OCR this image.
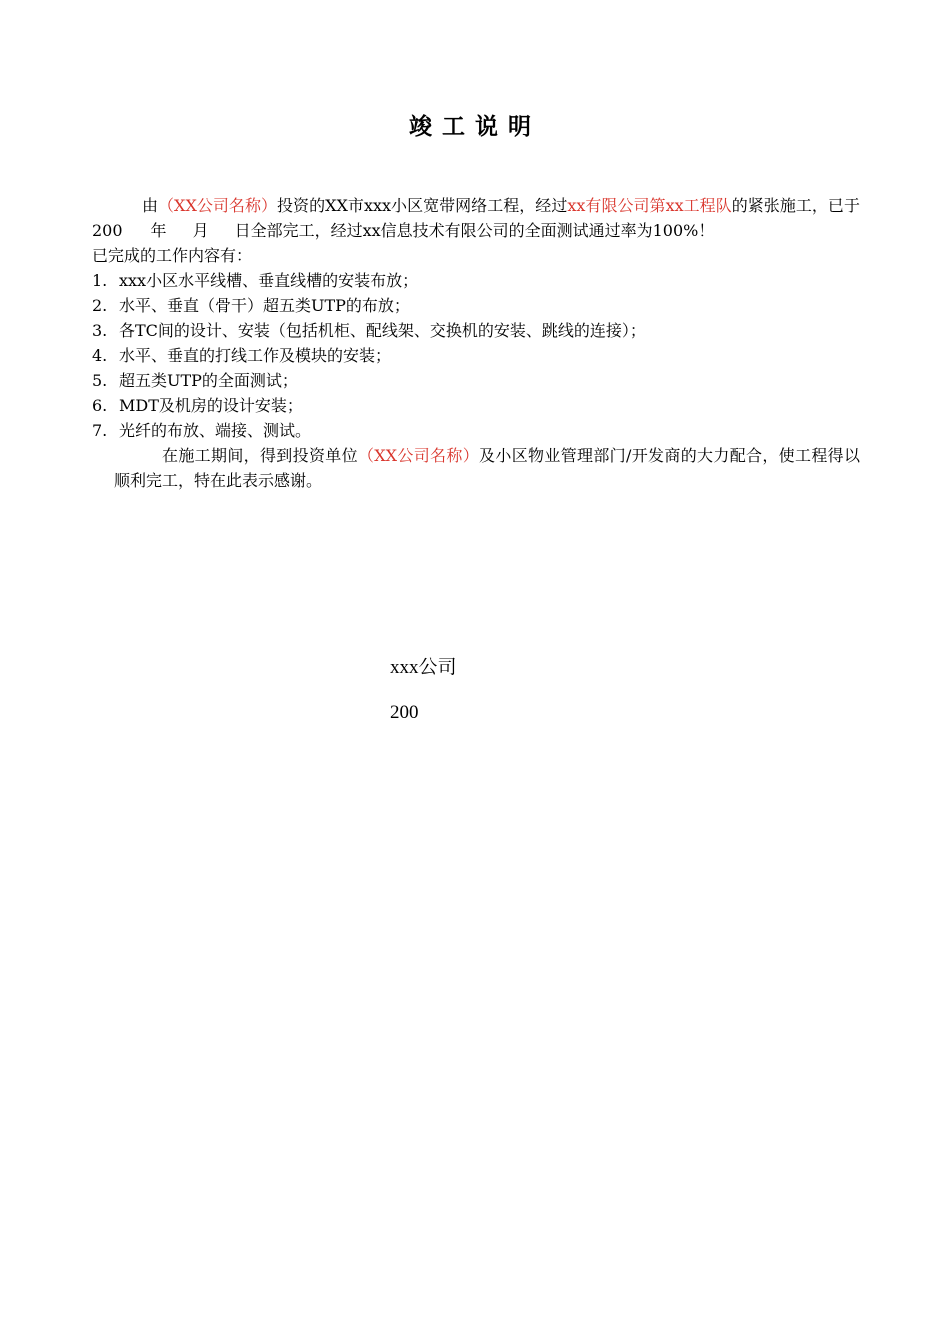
竣工说明

由（XX公司名称）投资的XX市xxx小区宽带网络工程，经过xx有限公司第xx工程队的紧张施工，已于200 年 月 日全部完工，经过xx信息技术有限公司的全面测试通过率为100%！

已完成的工作内容有：

1. xxx小区水平线槽、垂直线槽的安装布放；
2. 水平、垂直（骨干）超五类UTP的布放；
3. 各TC间的设计、安装（包括机柜、配线架、交换机的安装、跳线的连接）；
4. 水平、垂直的打线工作及模块的安装；
5. 超五类UTP的全面测试；
6. MDT及机房的设计安装；
7. 光纤的布放、端接、测试。

在施工期间，得到投资单位（XX公司名称）及小区物业管理部门/开发商的大力配合，使工程得以顺利完工，特在此表示感谢。

xxx公司

200
